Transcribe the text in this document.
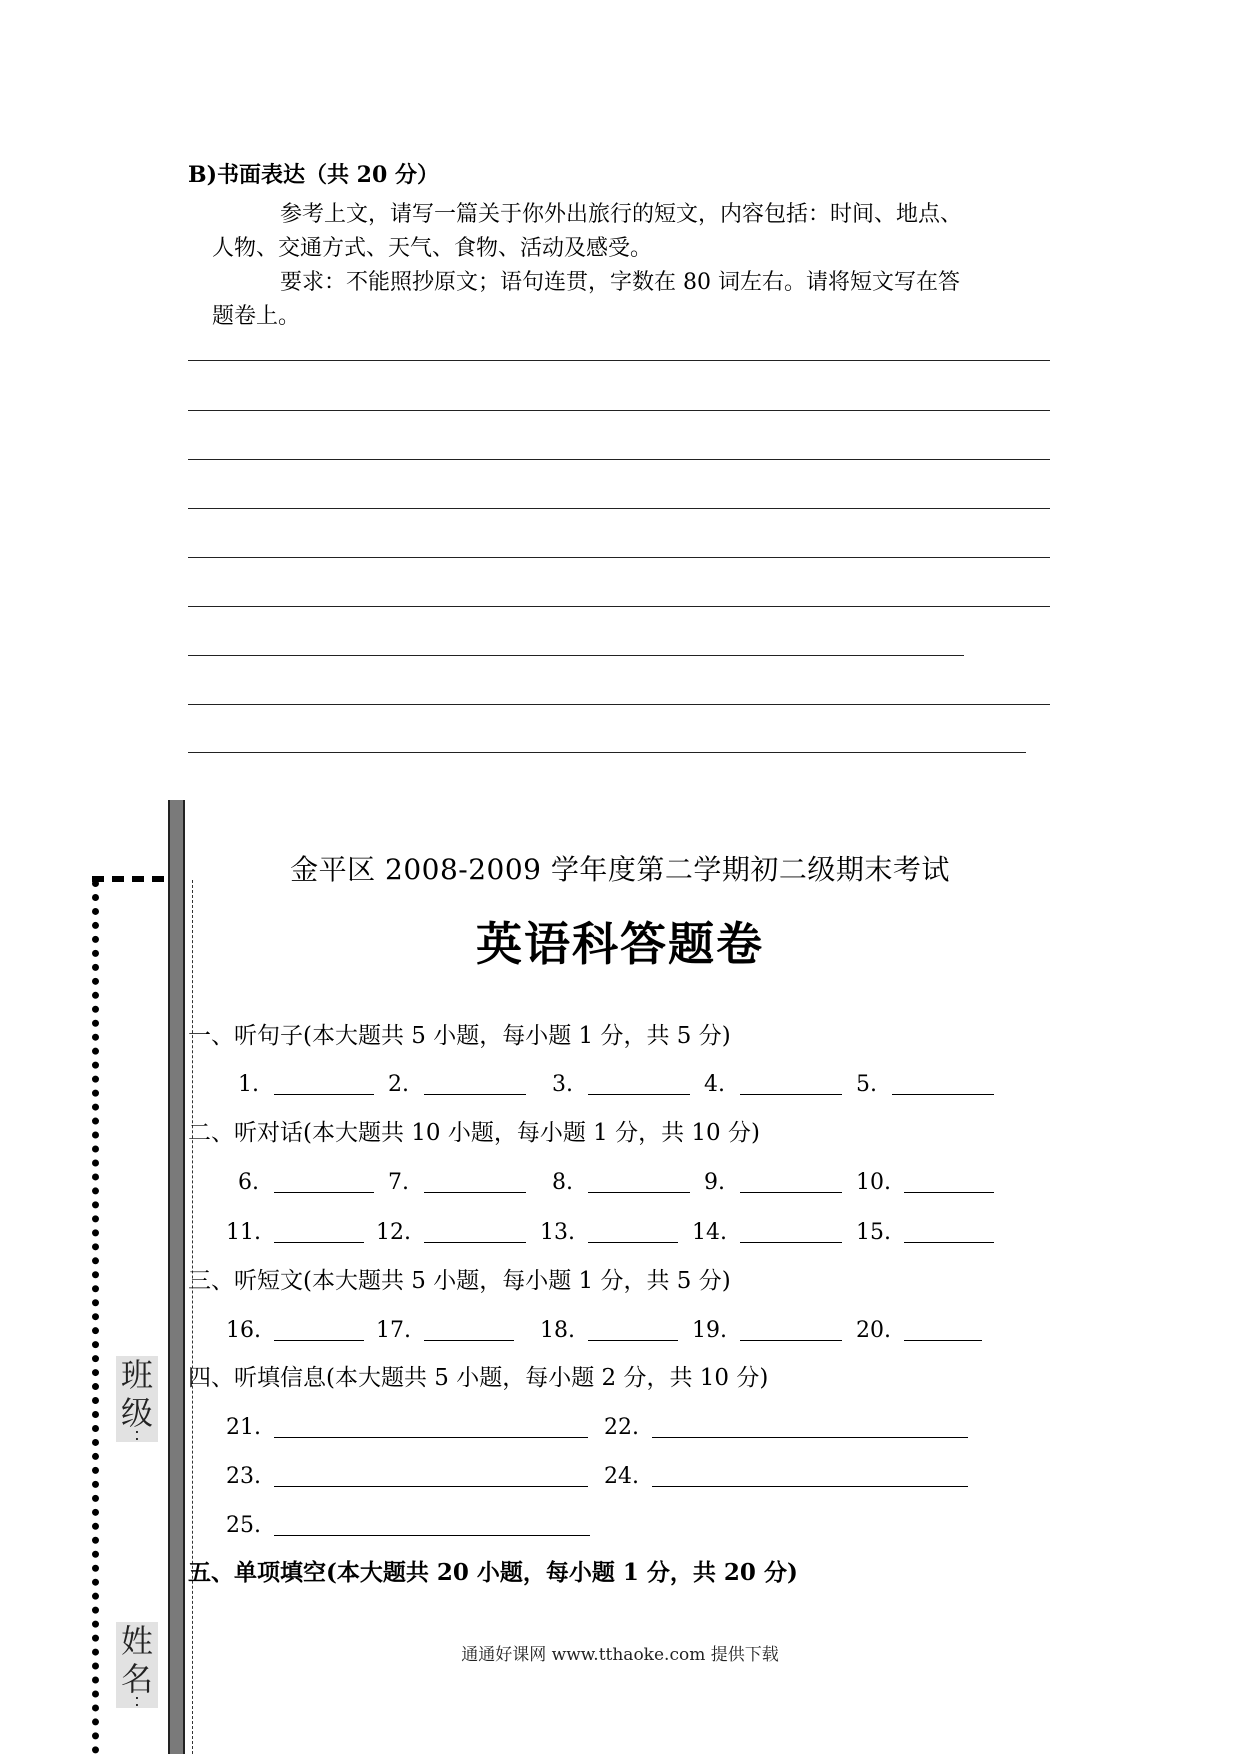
B)书面表达（共 20 分）
参考上文，请写一篇关于你外出旅行的短文，内容包括：时间、地点、
人物、交通方式、天气、食物、活动及感受。
要求：不能照抄原文；语句连贯，字数在 80 词左右。请将短文写在答
题卷上。
班级
∶
姓名
∶
金平区 2008-2009 学年度第二学期初二级期末考试
英语科答题卷
一、听句子(本大题共 5 小题，每小题 1 分，共 5 分)
1.	2.	3.	4.	5.
二、听对话(本大题共 10 小题，每小题 1 分，共 10 分)
6.	7.	8.	9.	10.
11.	12.	13.	14.	15.
三、听短文(本大题共 5 小题，每小题 1 分，共 5 分)
16.	17.	18.	19.	20.
四、听填信息(本大题共 5 小题，每小题 2 分，共 10 分)
21.	22.
23.	24.
25.
五、单项填空(本大题共 20 小题，每小题 1 分，共 20 分)
通通好课网 www.tthaoke.com 提供下载
